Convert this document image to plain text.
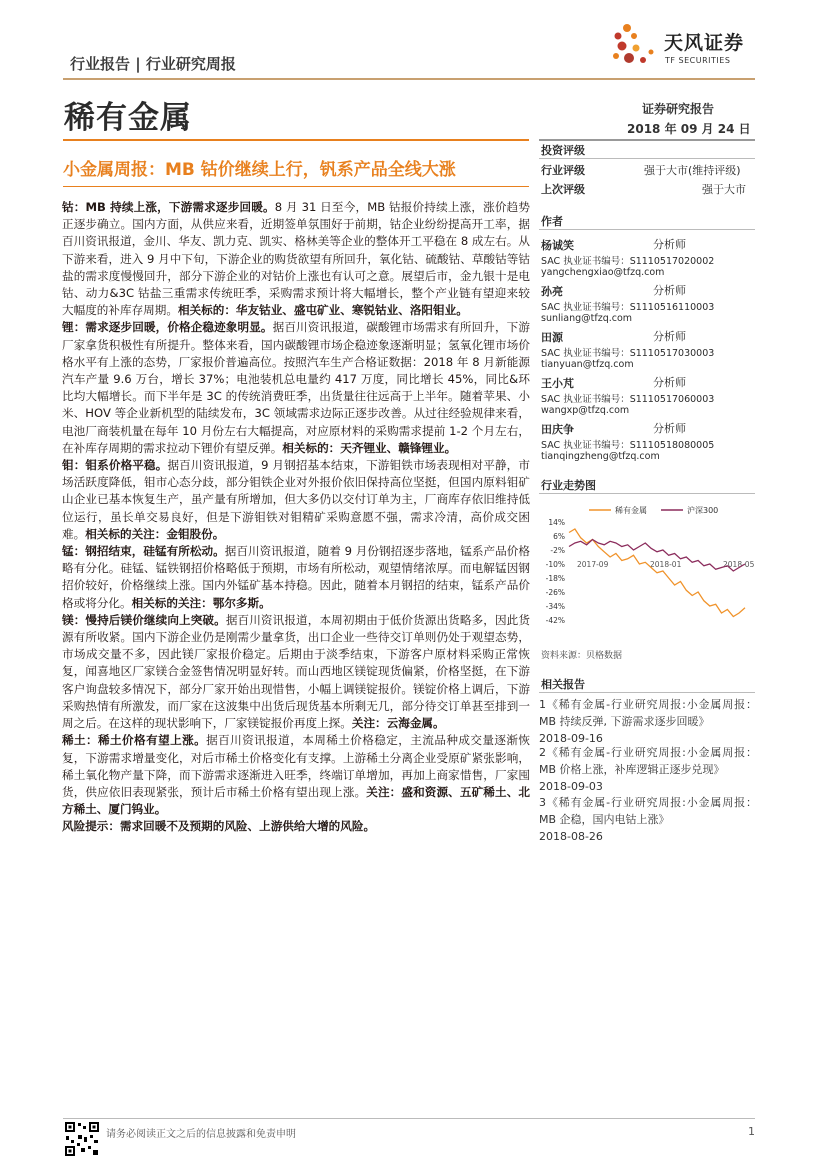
行业报告 | 行业研究周报
天风证券
TF SECURITIES
稀有金属	证券研究报告
2018 年 09 月 24 日
小金属周报：MB 钴价继续上行，钒系产品全线大涨

钴：MB 持续上涨，下游需求逐步回暖。8 月 31 日至今，MB 钴报价持续上涨，涨价趋势正逐步确立。国内方面，从供应来看，近期签单氛围好于前期，钴企业纷纷提高开工率，据百川资讯报道，金川、华友、凯力克、凯实、格林美等企业的整体开工平稳在 8 成左右。从下游来看，进入 9 月中下旬，下游企业的购货欲望有所回升，氧化钴、硫酸钴、草酸钴等钴盐的需求度慢慢回升，部分下游企业的对钴价上涨也有认可之意。展望后市，金九银十是电钴、动力&3C 钴盐三重需求传统旺季，采购需求预计将大幅增长，整个产业链有望迎来较大幅度的补库存周期。相关标的：华友钴业、盛屯矿业、寒锐钴业、洛阳钼业。

锂：需求逐步回暖，价格企稳迹象明显。据百川资讯报道，碳酸锂市场需求有所回升，下游厂家拿货积极性有所提升。整体来看，国内碳酸锂市场企稳迹象逐渐明显；氢氧化锂市场价格水平有上涨的态势，厂家报价普遍高位。按照汽车生产合格证数据：2018 年 8 月新能源汽车产量 9.6 万台，增长 37%；电池装机总电量约 417 万度，同比增长 45%，同比&环比均大幅增长。而下半年是 3C 的传统消费旺季，出货量往往远高于上半年。随着苹果、小米、HOV 等企业新机型的陆续发布，3C 领域需求边际正逐步改善。从过往经验规律来看，电池厂商装机量在每年 10 月份左右大幅提高，对应原材料的采购需求提前 1-2 个月左右，在补库存周期的需求拉动下锂价有望反弹。相关标的：天齐锂业、赣锋锂业。

钼：钼系价格平稳。据百川资讯报道，9 月钢招基本结束，下游钼铁市场表现相对平静，市场活跃度降低，钼市心态分歧，部分钼铁企业对外报价依旧保持高位坚挺，但国内原料钼矿山企业已基本恢复生产，虽产量有所增加，但大多仍以交付订单为主，厂商库存依旧维持低位运行，虽长单交易良好，但是下游钼铁对钼精矿采购意愿不强，需求冷清，高价成交困难。相关标的关注：金钼股份。

锰：钢招结束，硅锰有所松动。据百川资讯报道，随着 9 月份钢招逐步落地，锰系产品价格略有分化。硅锰、锰铁钢招价格略低于预期，市场有所松动，观望情绪浓厚。而电解锰因钢招价较好，价格继续上涨。国内外锰矿基本持稳。因此，随着本月钢招的结束，锰系产品价格或将分化。相关标的关注：鄂尔多斯。

镁：慢持后镁价继续向上突破。据百川资讯报道，本周初期由于低价货源出货略多，因此货源有所收紧。国内下游企业仍是刚需少量拿货，出口企业一些待交订单则仍处于观望态势，市场成交量不多，因此镁厂家报价稳定。后期由于淡季结束，下游客户原材料采购正常恢复，闻喜地区厂家镁合金签售情况明显好转。而山西地区镁锭现货偏紧，价格坚挺，在下游客户询盘较多情况下，部分厂家开始出现惜售，小幅上调镁锭报价。镁锭价格上调后，下游采购热情有所激发，而厂家在这波集中出货后现货基本所剩无几，部分待交订单甚至排到一周之后。在这样的现状影响下，厂家镁锭报价再度上探。关注：云海金属。

稀土：稀土价格有望上涨。据百川资讯报道，本周稀土价格稳定，主流品种成交量逐渐恢复，下游需求增量变化，对后市稀土价格变化有支撑。上游稀土分离企业受原矿紧张影响，稀土氧化物产量下降，而下游需求逐渐进入旺季，终端订单增加，再加上商家惜售，厂家囤货，供应依旧表现紧张，预计后市稀土价格有望出现上涨。关注：盛和资源、五矿稀土、北方稀土、厦门钨业。

风险提示：需求回暖不及预期的风险、上游供给大增的风险。

投资评级
行业评级	强于大市(维持评级)
上次评级	强于大市
作者
杨诚笑	分析师
SAC 执业证书编号：S1110517020002
yangchengxiao@tfzq.com
孙亮	分析师
SAC 执业证书编号：S1110516110003
sunliang@tfzq.com
田源	分析师
SAC 执业证书编号：S1110517030003
tianyuan@tfzq.com
王小芃	分析师
SAC 执业证书编号：S1110517060003
wangxp@tfzq.com
田庆争	分析师
SAC 执业证书编号：S1110518080005
tianqingzheng@tfzq.com
行业走势图
14%
6%
-2%
-10%
-18%
-26%
-34%
-42%
2017-09	2018-01	2018-05
稀有金属	沪深300
资料来源：贝格数据
相关报告
1《稀有金属-行业研究周报:小金属周报：MB 持续反弹, 下游需求逐步回暖》
2018-09-16
2《稀有金属-行业研究周报:小金属周报：MB 价格上涨，补库逻辑正逐步兑现》
2018-09-03
3《稀有金属-行业研究周报:小金属周报：MB 企稳，国内电钴上涨》
2018-08-26
请务必阅读正文之后的信息披露和免责申明	1
